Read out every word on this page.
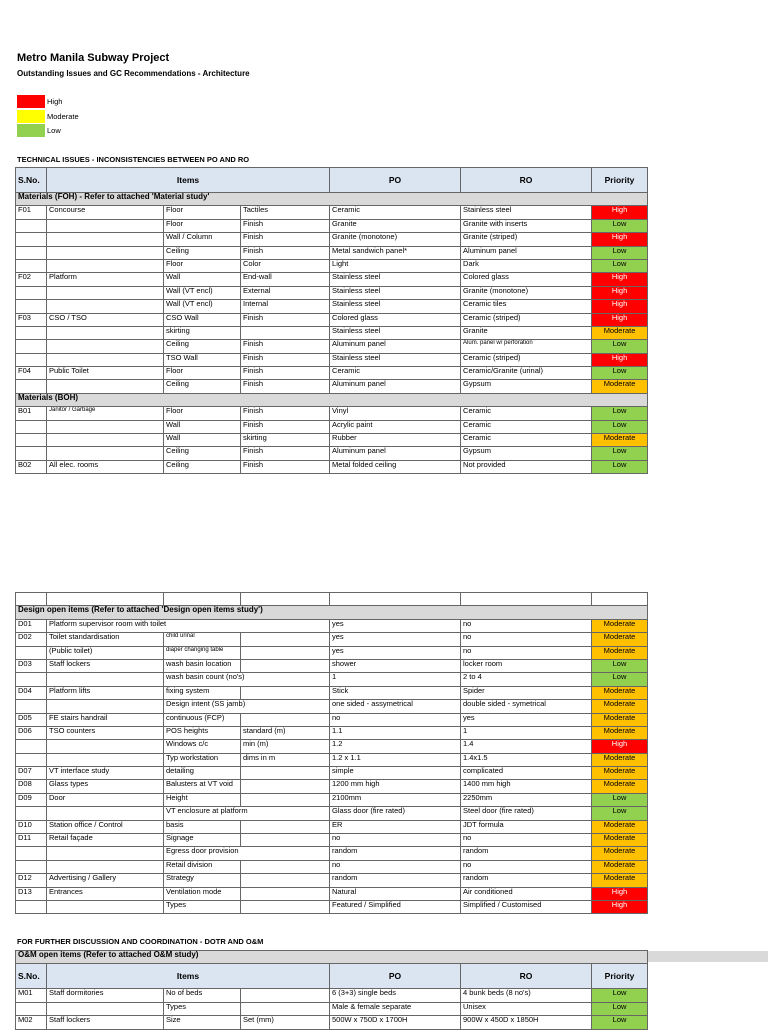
Metro Manila Subway Project
Outstanding Issues and GC Recommendations - Architecture
High
Moderate
Low
TECHNICAL ISSUES - INCONSISTENCIES BETWEEN PO AND RO
S.No.	Items			PO	RO	Priority
Materials (FOH) - Refer to attached 'Material study'						
F01	Concourse	Floor	Tactiles	Ceramic	Stainless steel	High
		Floor	Finish	Granite	Granite with inserts	Low
		Wall / Column	Finish	Granite (monotone)	Granite (striped)	High
		Ceiling	Finish	Metal sandwich panel*	Aluminum panel	Low
		Floor	Color	Light	Dark	Low
F02	Platform	Wall	End-wall	Stainless steel	Colored glass	High
		Wall (VT encl)	External	Stainless steel	Granite (monotone)	High
		Wall (VT encl)	Internal	Stainless steel	Ceramic tiles	High
F03	CSO / TSO	CSO Wall	Finish	Colored glass	Ceramic (striped)	High
		skirting		Stainless steel	Granite	Moderate
		Ceiling	Finish	Aluminum panel	Alum. panel w/ perforation	Low
		TSO Wall	Finish	Stainless steel	Ceramic (striped)	High
F04	Public Toilet	Floor	Finish	Ceramic	Ceramic/Granite (urinal)	Low
		Ceiling	Finish	Aluminum panel	Gypsum	Moderate
Materials (BOH)						
B01	Janitor / Garbage	Floor	Finish	Vinyl	Ceramic	Low
		Wall	Finish	Acrylic paint	Ceramic	Low
		Wall	skirting	Rubber	Ceramic	Moderate
		Ceiling	Finish	Aluminum panel	Gypsum	Low
B02	All elec. rooms	Ceiling	Finish	Metal folded ceiling	Not provided	Low

Design open items (Refer to attached 'Design open items study')						
D01	Platform supervisor room with toilet			yes	no	Moderate
D02	Toilet standardisation	child urinal		yes	no	Moderate
	(Public toilet)	diaper changing table		yes	no	Moderate
D03	Staff lockers	wash basin location		shower	locker room	Low
		wash basin count (no's)		1	2 to 4	Low
D04	Platform lifts	fixing system		Stick	Spider	Moderate
		Design intent (SS jamb)		one sided - assymetrical	double sided - symetrical	Moderate
D05	FE stairs handrail	continuous (FCP)		no	yes	Moderate
D06	TSO counters	POS heights	standard (m)	1.1	1	Moderate
		Windows c/c	min (m)	1.2	1.4	High
		Typ workstation	dims in m	1.2 x 1.1	1.4x1.5	Moderate
D07	VT interface study	detailing		simple	complicated	Moderate
D08	Glass types	Balusters at VT void		1200 mm high	1400 mm high	Moderate
D09	Door	Height		2100mm	2250mm	Low
		VT enclosure at platform		Glass door (fire rated)	Steel door (fire rated)	Low
D10	Station office / Control	basis		ER	JDT formula	Moderate
D11	Retail façade	Signage		no	no	Moderate
		Egress door provision		random	random	Moderate
		Retail division		no	no	Moderate
D12	Advertising / Gallery	Strategy		random	random	Moderate
D13	Entrances	Ventilation mode		Natural	Air conditioned	High
		Types		Featured / Simplified	Simplified / Customised	High
FOR FURTHER DISCUSSION AND COORDINATION - DOTR AND O&M
O&M open items (Refer to attached O&M study)						
S.No.	Items			PO	RO	Priority
M01	Staff dormitories	No of beds		6 (3+3) single beds	4 bunk beds (8 no's)	Low
		Types		Male & female separate	Unisex	Low
M02	Staff lockers	Size	Set (mm)	500W x 750D x 1700H	900W x 450D x 1850H	Low
